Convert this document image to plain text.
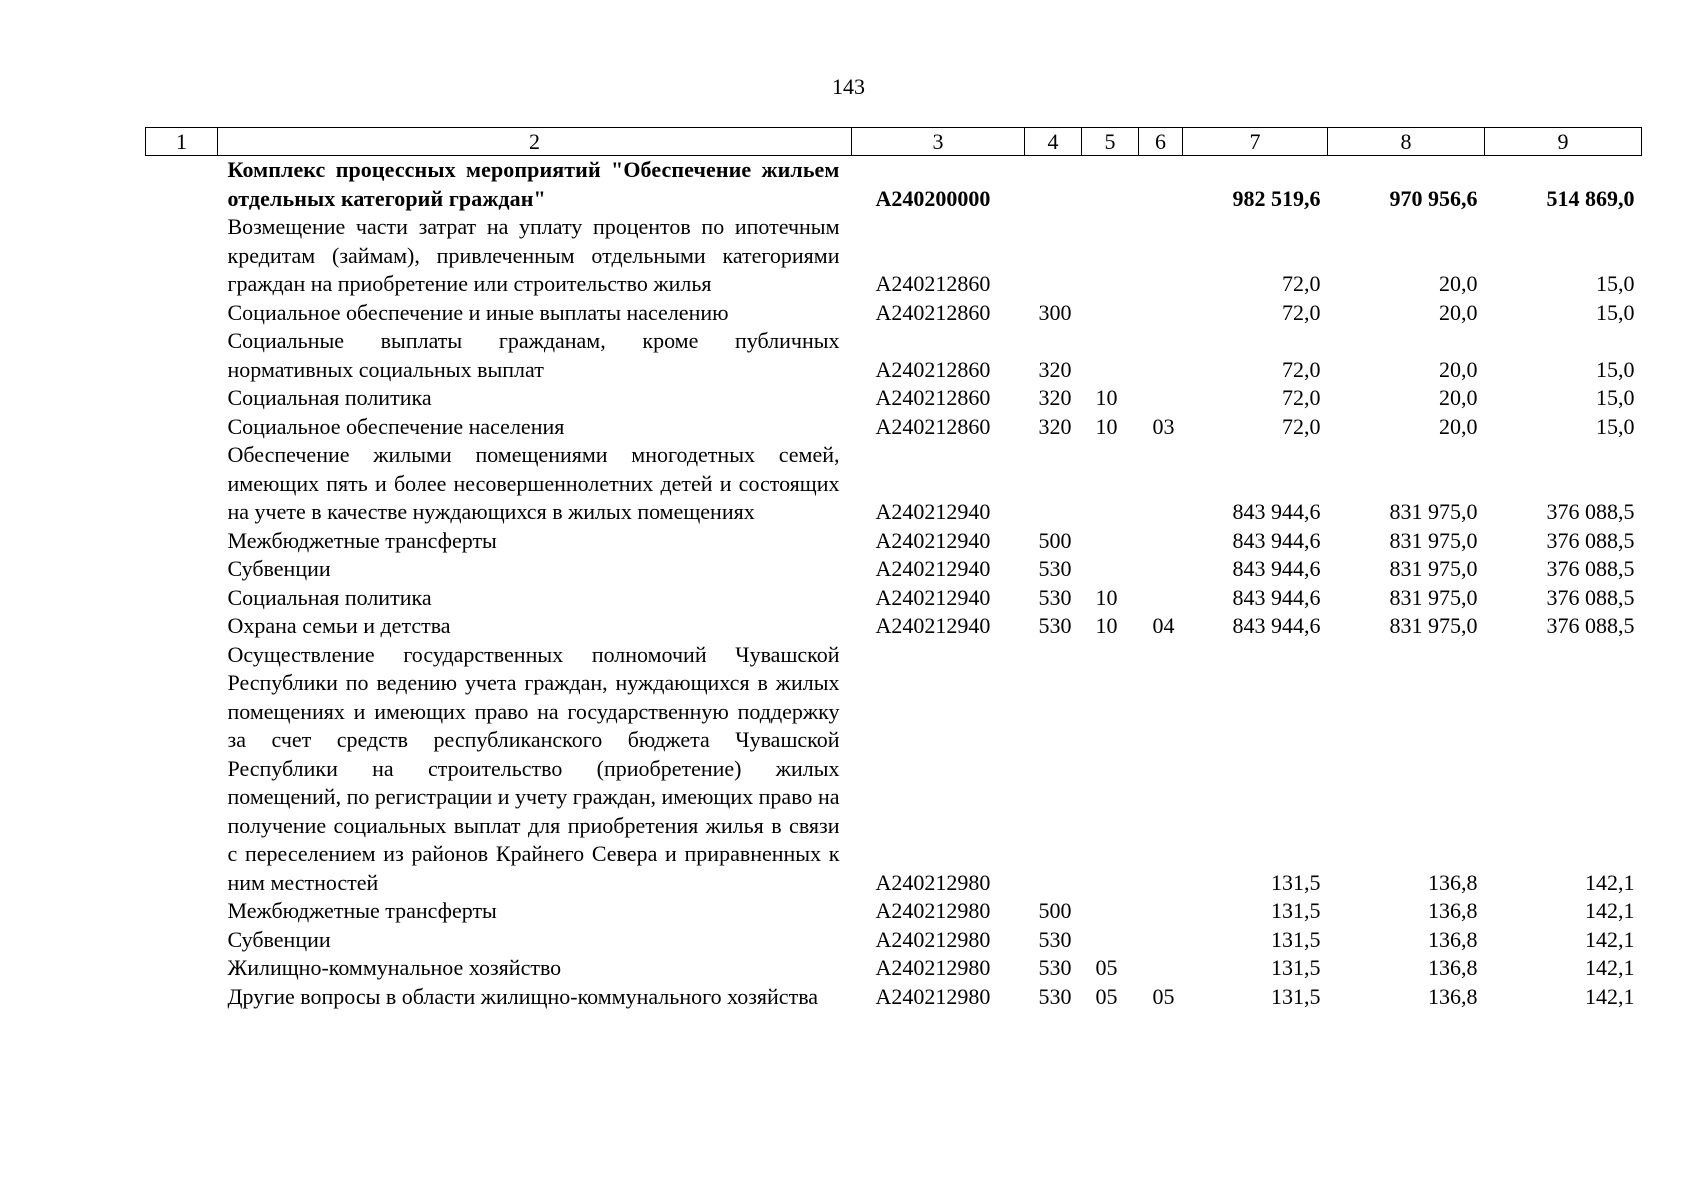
143
1	2	3	4	5	6	7	8	9
	Комплекс процессных мероприятий "Обеспечение жильем отдельных категорий граждан"	А240200000				982 519,6	970 956,6	514 869,0
	Возмещение части затрат на уплату процентов по ипотечным кредитам (займам), привлеченным отдельными категориями граждан на приобретение или строительство жилья	А240212860				72,0	20,0	15,0
	Социальное обеспечение и иные выплаты населению	А240212860	300			72,0	20,0	15,0
	Социальные выплаты гражданам, кроме публичных нормативных социальных выплат	А240212860	320			72,0	20,0	15,0
	Социальная политика	А240212860	320	10		72,0	20,0	15,0
	Социальное обеспечение населения	А240212860	320	10	03	72,0	20,0	15,0
	Обеспечение жилыми помещениями многодетных семей, имеющих пять и более несовершеннолетних детей и состоящих на учете в качестве нуждающихся в жилых помещениях	А240212940				843 944,6	831 975,0	376 088,5
	Межбюджетные трансферты	А240212940	500			843 944,6	831 975,0	376 088,5
	Субвенции	А240212940	530			843 944,6	831 975,0	376 088,5
	Социальная политика	А240212940	530	10		843 944,6	831 975,0	376 088,5
	Охрана семьи и детства	А240212940	530	10	04	843 944,6	831 975,0	376 088,5
	Осуществление государственных полномочий Чувашской Республики по ведению учета граждан, нуждающихся в жилых помещениях и имеющих право на государственную поддержку за счет средств республиканского бюджета Чувашской Республики на строительство (приобретение) жилых помещений, по регистрации и учету граждан, имеющих право на получение социальных выплат для приобретения жилья в связи с переселением из районов Крайнего Севера и приравненных к ним местностей	А240212980				131,5	136,8	142,1
	Межбюджетные трансферты	А240212980	500			131,5	136,8	142,1
	Субвенции	А240212980	530			131,5	136,8	142,1
	Жилищно-коммунальное хозяйство	А240212980	530	05		131,5	136,8	142,1
	Другие вопросы в области жилищно-коммунального хозяйства	А240212980	530	05	05	131,5	136,8	142,1
